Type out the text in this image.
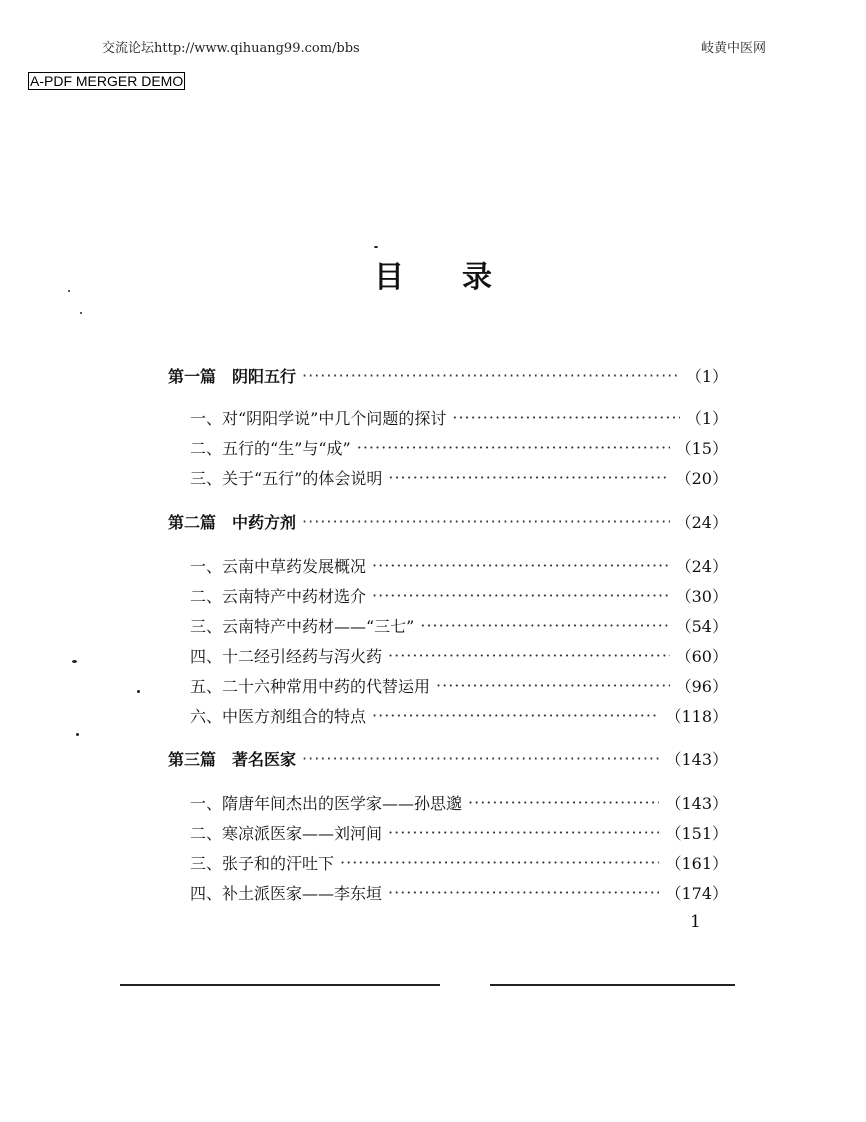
交流论坛http://www.qihuang99.com/bbs	岐黄中医网
A-PDF MERGER DEMO
目录
第一篇　阴阳五行 ·····	（1）
一、对“阴阳学说”中几个问题的探讨 ·····	（1）
二、五行的“生”与“成” ·····	（15）
三、关于“五行”的体会说明 ·····	（20）
第二篇　中药方剂 ·····	（24）
一、云南中草药发展概况 ·····	（24）
二、云南特产中药材选介 ·····	（30）
三、云南特产中药材——“三七” ·····	（54）
四、十二经引经药与泻火药 ·····	（60）
五、二十六种常用中药的代替运用 ·····	（96）
六、中医方剂组合的特点 ·····	（118）
第三篇　著名医家 ·····	（143）
一、隋唐年间杰出的医学家——孙思邈 ·····	（143）
二、寒凉派医家——刘河间 ·····	（151）
三、张子和的汗吐下 ·····	（161）
四、补土派医家——李东垣 ·····	（174）
1
